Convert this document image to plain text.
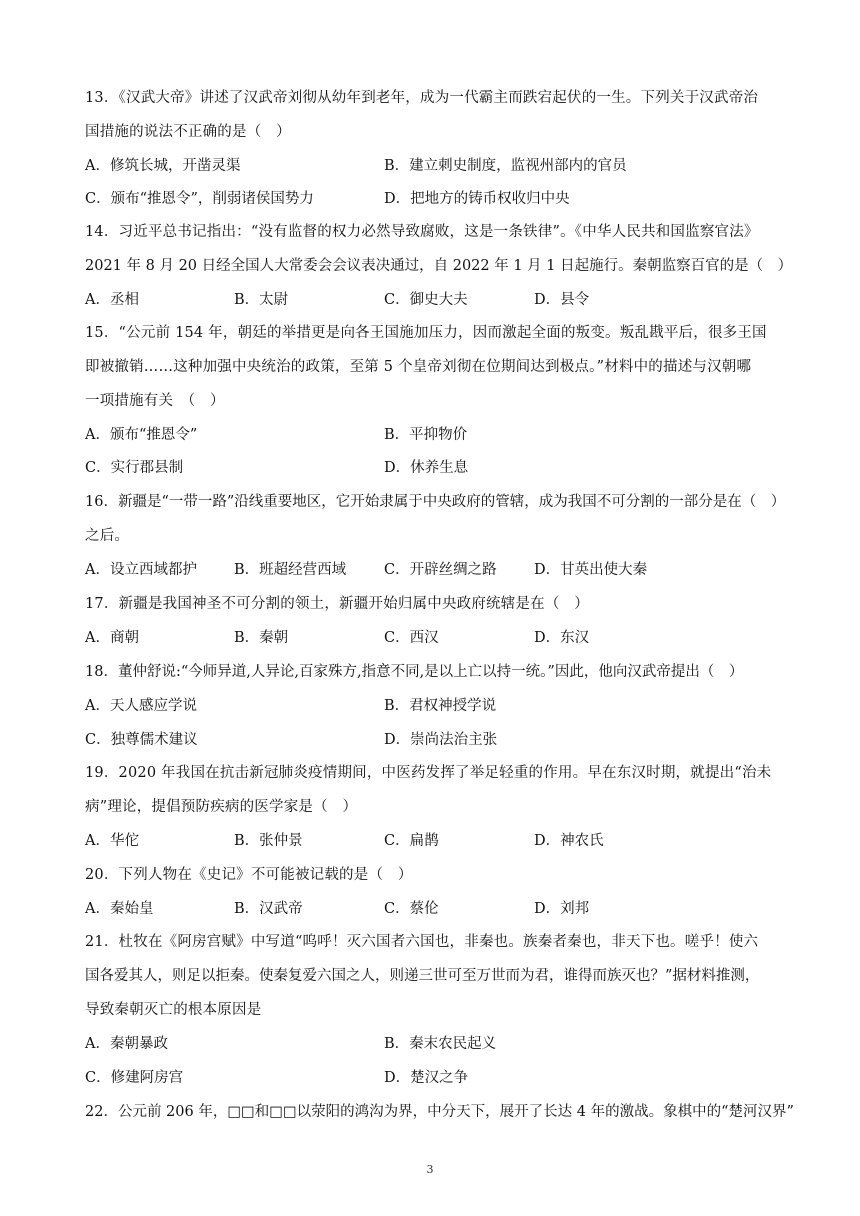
13．《汉武大帝》讲述了汉武帝刘彻从幼年到老年，成为一代霸主而跌宕起伏的一生。下列关于汉武帝治
国措施的说法不正确的是（　）
A．修筑长城，开凿灵渠	B．建立刺史制度，监视州部内的官员
C．颁布“推恩令”，削弱诸侯国势力	D．把地方的铸币权收归中央
14．习近平总书记指出：“没有监督的权力必然导致腐败，这是一条铁律”。《中华人民共和国监察官法》
2021 年 8 月 20 日经全国人大常委会会议表决通过，自 2022 年 1 月 1 日起施行。秦朝监察百官的是（　）
A．丞相	B．太尉	C．御史大夫	D．县令
15．“公元前 154 年，朝廷的举措更是向各王国施加压力，因而激起全面的叛变。叛乱戡平后，很多王国
即被撤销……这种加强中央统治的政策，至第 5 个皇帝刘彻在位期间达到极点。”材料中的描述与汉朝哪
一项措施有关　（　）
A．颁布“推恩令”	B．平抑物价
C．实行郡县制	D．休养生息
16．新疆是“一带一路”沿线重要地区，它开始隶属于中央政府的管辖，成为我国不可分割的一部分是在（　）
之后。
A．设立西域都护	B．班超经营西域	C．开辟丝绸之路	D．甘英出使大秦
17．新疆是我国神圣不可分割的领土，新疆开始归属中央政府统辖是在（　）
A．商朝	B．秦朝	C．西汉	D．东汉
18．董仲舒说:“今师异道,人异论,百家殊方,指意不同,是以上亡以持一统。”因此，他向汉武帝提出（　）
A．天人感应学说	B．君权神授学说
C．独尊儒术建议	D．崇尚法治主张
19．2020 年我国在抗击新冠肺炎疫情期间，中医药发挥了举足轻重的作用。早在东汉时期，就提出“治未
病”理论，提倡预防疾病的医学家是（　）
A．华佗	B．张仲景	C．扁鹊	D．神农氏
20．下列人物在《史记》不可能被记载的是（　）
A．秦始皇	B．汉武帝	C．蔡伦	D．刘邦
21．杜牧在《阿房宫赋》中写道“呜呼！灭六国者六国也，非秦也。族秦者秦也，非天下也。嗟乎！使六
国各爱其人，则足以拒秦。使秦复爱六国之人，则递三世可至万世而为君，谁得而族灭也？”据材料推测，
导致秦朝灭亡的根本原因是
A．秦朝暴政	B．秦末农民起义
C．修建阿房宫	D．楚汉之争
22．公元前 206 年，□□和□□以荥阳的鸿沟为界，中分天下，展开了长达 4 年的激战。象棋中的“楚河汉界”
3
